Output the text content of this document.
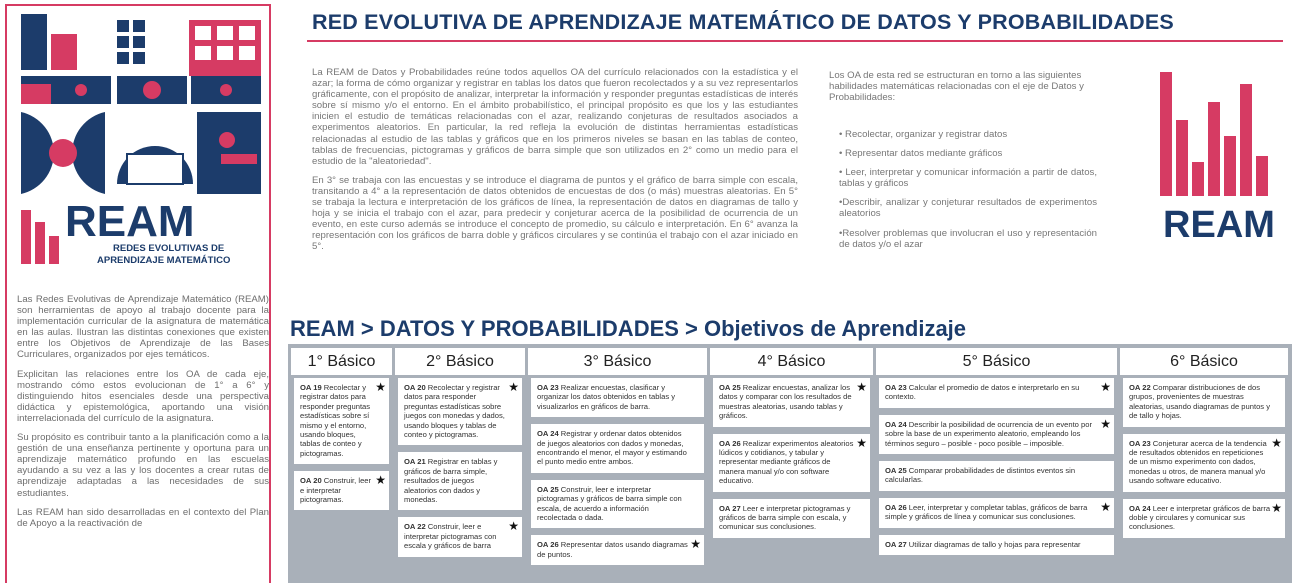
REAM
REDES EVOLUTIVAS DE
APRENDIZAJE MATEMÁTICO

Las Redes Evolutivas de Aprendizaje Matemático (REAM) son herramientas de apoyo al trabajo docente para la implementación curricular de la asignatura de matemática en las aulas. Ilustran las distintas conexiones que existen entre los Objetivos de Aprendizaje de las Bases Curriculares, organizados por ejes temáticos.

Explicitan las relaciones entre los OA de cada eje, mostrando cómo estos evolucionan de 1° a 6° y distinguiendo hitos esenciales desde una perspectiva didáctica y epistemológica, aportando una visión interrelacionada del currículo de la asignatura.

Su propósito es contribuir tanto a la planificación como a la gestión de una enseñanza pertinente y oportuna para un aprendizaje matemático profundo en las escuelas ayudando a su vez a las y los docentes a crear rutas de aprendizaje adaptadas a las necesidades de sus estudiantes.

Las REAM han sido desarrolladas en el contexto del Plan de Apoyo a la reactivación de

RED EVOLUTIVA DE APRENDIZAJE MATEMÁTICO DE DATOS Y PROBABILIDADES

La REAM de Datos y Probabilidades reúne todos aquellos OA del currículo relacionados con la estadística y el azar; la forma de cómo organizar y registrar en tablas los datos que fueron recolectados y a su vez representarlos gráficamente, con el propósito de analizar, interpretar la información y responder preguntas estadísticas de interés sobre sí mismo y/o el entorno. En el ámbito probabilístico, el principal propósito es que los y las estudiantes inicien el estudio de temáticas relacionadas con el azar, realizando conjeturas de resultados asociados a experimentos aleatorios. En particular, la red refleja la evolución de distintas herramientas estadísticas relacionadas al estudio de las tablas y gráficos que en los primeros niveles se basan en las tablas de conteo, tablas de frecuencias, pictogramas y gráficos de barra simple que son utilizados en 2° como un medio para el estudio de la "aleatoriedad".

En 3° se trabaja con las encuestas y se introduce el diagrama de puntos y el gráfico de barra simple con escala, transitando a 4° a la representación de datos obtenidos de encuestas de dos (o más) muestras aleatorias. En 5° se trabaja la lectura e interpretación de los gráficos de línea, la representación de datos en diagramas de tallo y hoja y se inicia el trabajo con el azar, para predecir y conjeturar acerca de la posibilidad de ocurrencia de un evento, en este curso además se introduce el concepto de promedio, su cálculo e interpretación. En 6° avanza la representación con los gráficos de barra doble y gráficos circulares y se continúa el trabajo con el azar iniciado en 5°.

Los OA de esta red se estructuran en torno a las siguientes habilidades matemáticas relacionadas con el eje de Datos y Probabilidades:
• Recolectar, organizar y registrar datos
• Representar datos mediante gráficos
• Leer, interpretar y comunicar información a partir de datos, tablas y gráficos
•Describir, analizar y conjeturar resultados de experimentos aleatorios
•Resolver problemas que involucran el uso y representación de datos y/o el azar	REAM
REAM > DATOS Y PROBABILIDADES > Objetivos de Aprendizaje
1° Básico	2° Básico	3° Básico	4° Básico	5° Básico	6° Básico
OA 19 Recolectar y registrar datos para responder preguntas estadísticas sobre sí mismo y el entorno, usando bloques, tablas de conteo y pictogramas.
★
OA 20 Construir, leer e interpretar pictogramas.
★
OA 20 Recolectar y registrar datos para responder preguntas estadísticas sobre juegos con monedas y dados, usando bloques y tablas de conteo y pictogramas.
★
OA 21 Registrar en tablas y gráficos de barra simple, resultados de juegos aleatorios con dados y monedas.
OA 22 Construir, leer e interpretar pictogramas con escala y gráficos de barra
★
OA 23 Realizar encuestas, clasificar y organizar los datos obtenidos en tablas y visualizarlos en gráficos de barra.
OA 24 Registrar y ordenar datos obtenidos de juegos aleatorios con dados y monedas, encontrando el menor, el mayor y estimando el punto medio entre ambos.
OA 25 Construir, leer e interpretar pictogramas y gráficos de barra simple con escala, de acuerdo a información recolectada o dada.
OA 26 Representar datos usando diagramas de puntos.
★
OA 25 Realizar encuestas, analizar los datos y comparar con los resultados de muestras aleatorias, usando tablas y gráficos.
★
OA 26 Realizar experimentos aleatorios lúdicos y cotidianos, y tabular y representar mediante gráficos de manera manual y/o con software educativo.
★
OA 27 Leer e interpretar pictogramas y gráficos de barra simple con escala, y comunicar sus conclusiones.
OA 23 Calcular el promedio de datos e interpretarlo en su contexto.
★
OA 24 Describir la posibilidad de ocurrencia de un evento por sobre la base de un experimento aleatorio, empleando los términos seguro – posible - poco posible – imposible.
★
OA 25 Comparar probabilidades de distintos eventos sin calcularlas.
OA 26 Leer, interpretar y completar tablas, gráficos de barra simple y gráficos de línea y comunicar sus conclusiones.
★
OA 27 Utilizar diagramas de tallo y hojas para representar
OA 22 Comparar distribuciones de dos grupos, provenientes de muestras aleatorias, usando diagramas de puntos y de tallo y hojas.
OA 23 Conjeturar acerca de la tendencia de resultados obtenidos en repeticiones de un mismo experimento con dados, monedas u otros, de manera manual y/o usando software educativo.
★
OA 24 Leer e interpretar gráficos de barra doble y circulares y comunicar sus conclusiones.
★
